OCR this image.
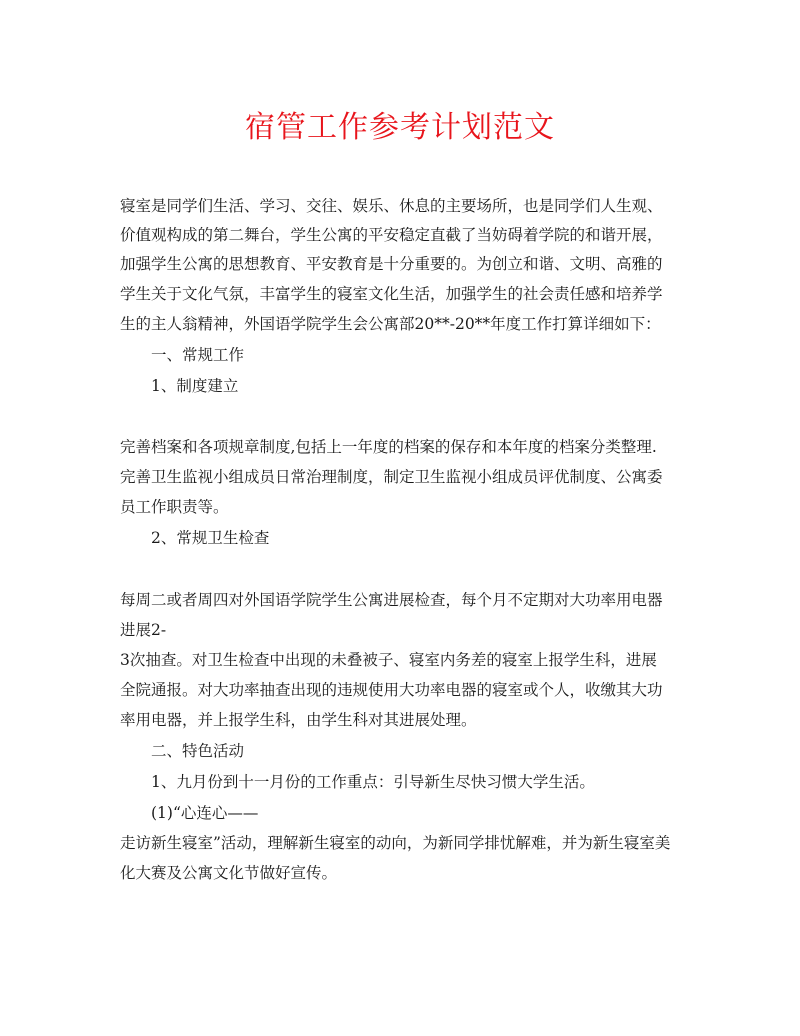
宿管工作参考计划范文

寝室是同学们生活、学习、交往、娱乐、休息的主要场所，也是同学们人生观、

价值观构成的第二舞台，学生公寓的平安稳定直截了当妨碍着学院的和谐开展，

加强学生公寓的思想教育、平安教育是十分重要的。为创立和谐、文明、高雅的

学生关于文化气氛，丰富学生的寝室文化生活，加强学生的社会责任感和培养学

生的主人翁精神，外国语学院学生会公寓部20**-20**年度工作打算详细如下：

一、常规工作

1、制度建立

完善档案和各项规章制度,包括上一年度的档案的保存和本年度的档案分类整理.

完善卫生监视小组成员日常治理制度，制定卫生监视小组成员评优制度、公寓委

员工作职责等。

2、常规卫生检查

每周二或者周四对外国语学院学生公寓进展检查，每个月不定期对大功率用电器

进展2-

3次抽查。对卫生检查中出现的未叠被子、寝室内务差的寝室上报学生科，进展

全院通报。对大功率抽查出现的违规使用大功率电器的寝室或个人，收缴其大功

率用电器，并上报学生科，由学生科对其进展处理。

二、特色活动

1、九月份到十一月份的工作重点：引导新生尽快习惯大学生活。

(1)“心连心——

走访新生寝室”活动，理解新生寝室的动向，为新同学排忧解难，并为新生寝室美

化大赛及公寓文化节做好宣传。
